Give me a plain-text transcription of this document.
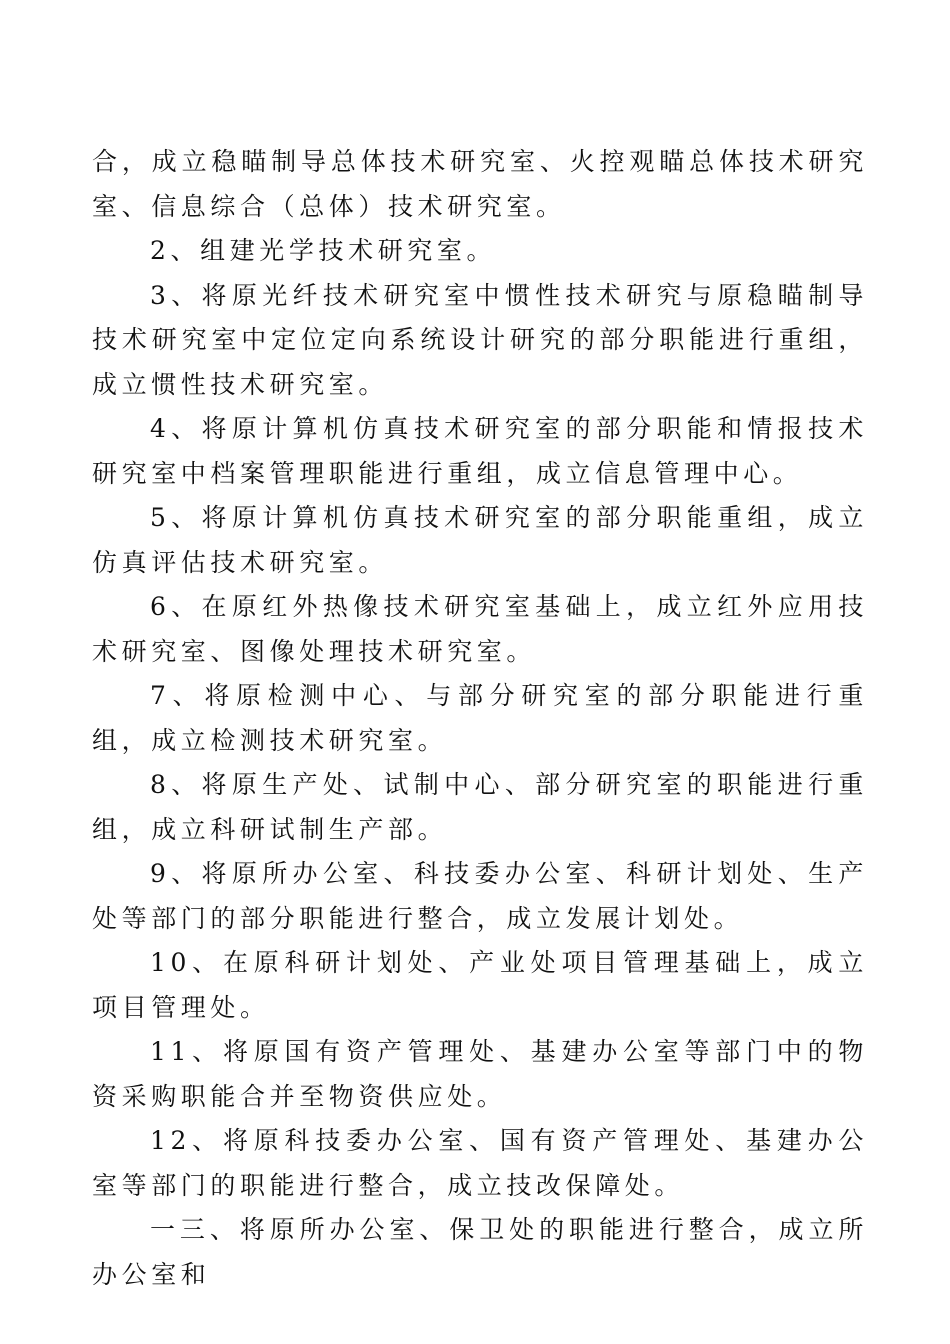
合，成立稳瞄制导总体技术研究室、火控观瞄总体技术研究室、信息综合（总体）技术研究室。

2、组建光学技术研究室。

3、将原光纤技术研究室中惯性技术研究与原稳瞄制导技术研究室中定位定向系统设计研究的部分职能进行重组，成立惯性技术研究室。

4、将原计算机仿真技术研究室的部分职能和情报技术研究室中档案管理职能进行重组，成立信息管理中心。

5、将原计算机仿真技术研究室的部分职能重组，成立仿真评估技术研究室。

6、在原红外热像技术研究室基础上，成立红外应用技术研究室、图像处理技术研究室。

7、将原检测中心、与部分研究室的部分职能进行重组，成立检测技术研究室。

8、将原生产处、试制中心、部分研究室的职能进行重组，成立科研试制生产部。

9、将原所办公室、科技委办公室、科研计划处、生产处等部门的部分职能进行整合，成立发展计划处。

10、在原科研计划处、产业处项目管理基础上，成立项目管理处。

11、将原国有资产管理处、基建办公室等部门中的物资采购职能合并至物资供应处。

12、将原科技委办公室、国有资产管理处、基建办公室等部门的职能进行整合，成立技改保障处。

一三、将原所办公室、保卫处的职能进行整合，成立所办公室和
